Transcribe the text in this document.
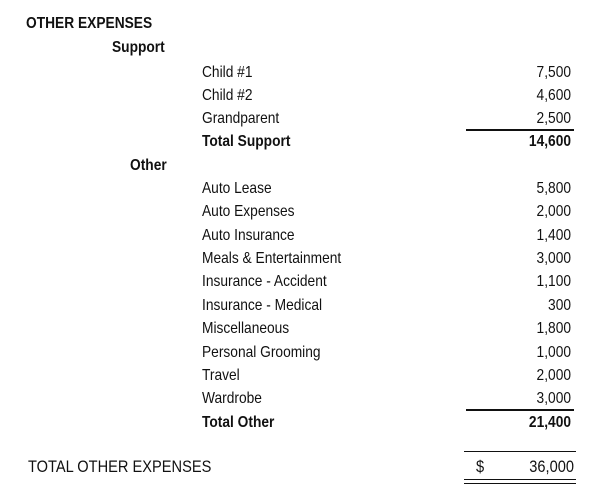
OTHER EXPENSES
Support
Child #1	7,500
Child #2	4,600
Grandparent	2,500
Total Support	14,600
Other
Auto Lease	5,800
Auto Expenses	2,000
Auto Insurance	1,400
Meals & Entertainment	3,000
Insurance - Accident	1,100
Insurance - Medical	300
Miscellaneous	1,800
Personal Grooming	1,000
Travel	2,000
Wardrobe	3,000
Total Other	21,400
TOTAL OTHER EXPENSES	$	36,000
